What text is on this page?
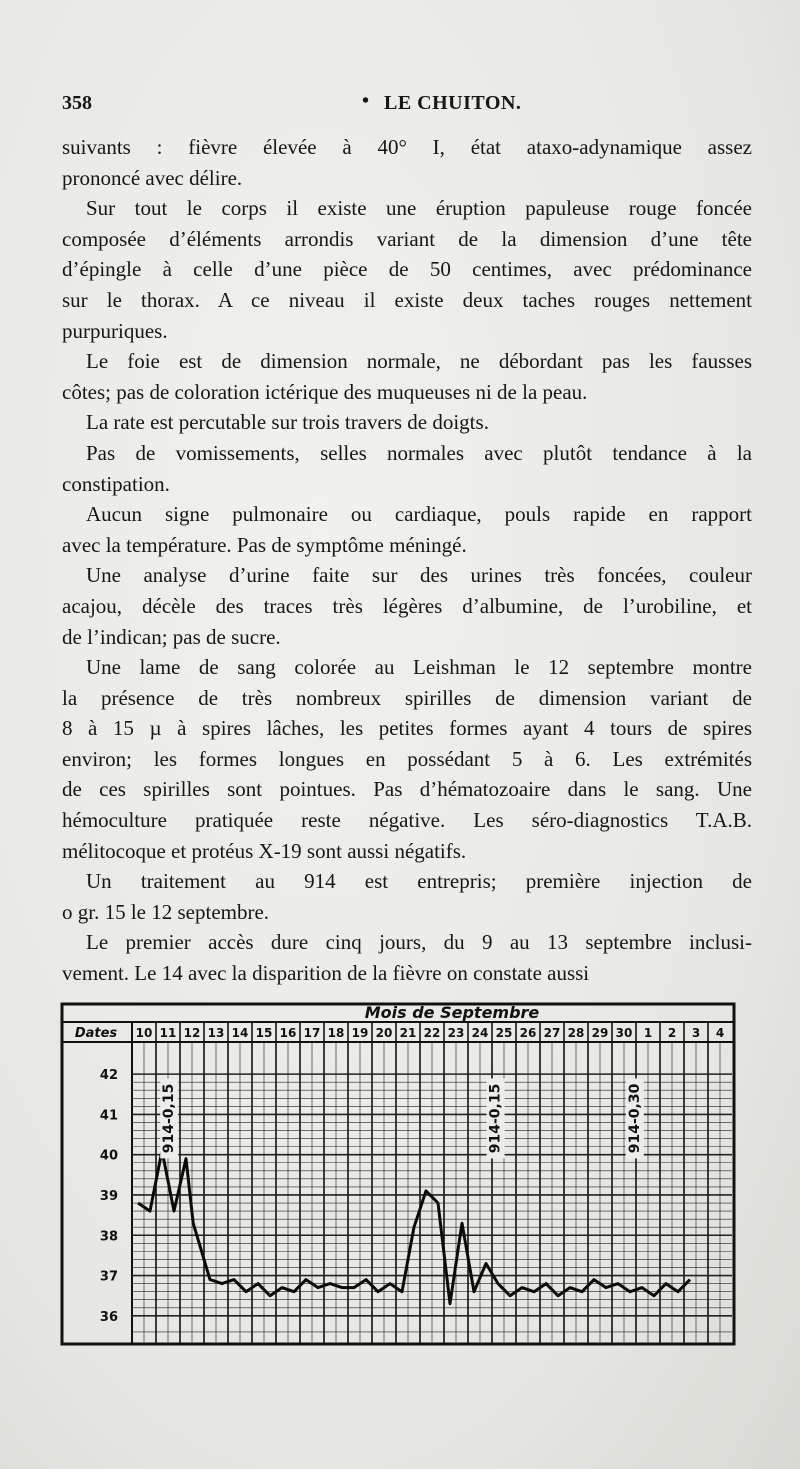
358	• LE CHUITON.
suivants : fièvre élevée à 40° I, état ataxo-adynamique assez
prononcé avec délire.
Sur tout le corps il existe une éruption papuleuse rouge foncée
composée d’éléments arrondis variant de la dimension d’une tête
d’épingle à celle d’une pièce de 50 centimes, avec prédominance
sur le thorax. A ce niveau il existe deux taches rouges nettement
purpuriques.
Le foie est de dimension normale, ne débordant pas les fausses
côtes; pas de coloration ictérique des muqueuses ni de la peau.
La rate est percutable sur trois travers de doigts.
Pas de vomissements, selles normales avec plutôt tendance à la
constipation.
Aucun signe pulmonaire ou cardiaque, pouls rapide en rapport
avec la température. Pas de symptôme méningé.
Une analyse d’urine faite sur des urines très foncées, couleur
acajou, décèle des traces très légères d’albumine, de l’urobiline, et
de l’indican; pas de sucre.
Une lame de sang colorée au Leishman le 12 septembre montre
la présence de très nombreux spirilles de dimension variant de
8 à 15 µ à spires lâches, les petites formes ayant 4 tours de spires
environ; les formes longues en possédant 5 à 6. Les extrémités
de ces spirilles sont pointues. Pas d’hématozoaire dans le sang. Une
hémoculture pratiquée reste négative. Les séro-diagnostics T.A.B.
mélitocoque et protéus X-19 sont aussi négatifs.
Un traitement au 914 est entrepris; première injection de
o gr. 15 le 12 septembre.
Le premier accès dure cinq jours, du 9 au 13 septembre inclusi-
vement. Le 14 avec la disparition de la fièvre on constate aussi
Mois de Septembre
Dates 10 11 12 13 14 15 16 17 18 19 20 21 22 23 24 25 26 27 28 29 30 1 2 3 4
42
41
40
39
38
37
36
914-0,15	914-0,15	914-0,30
